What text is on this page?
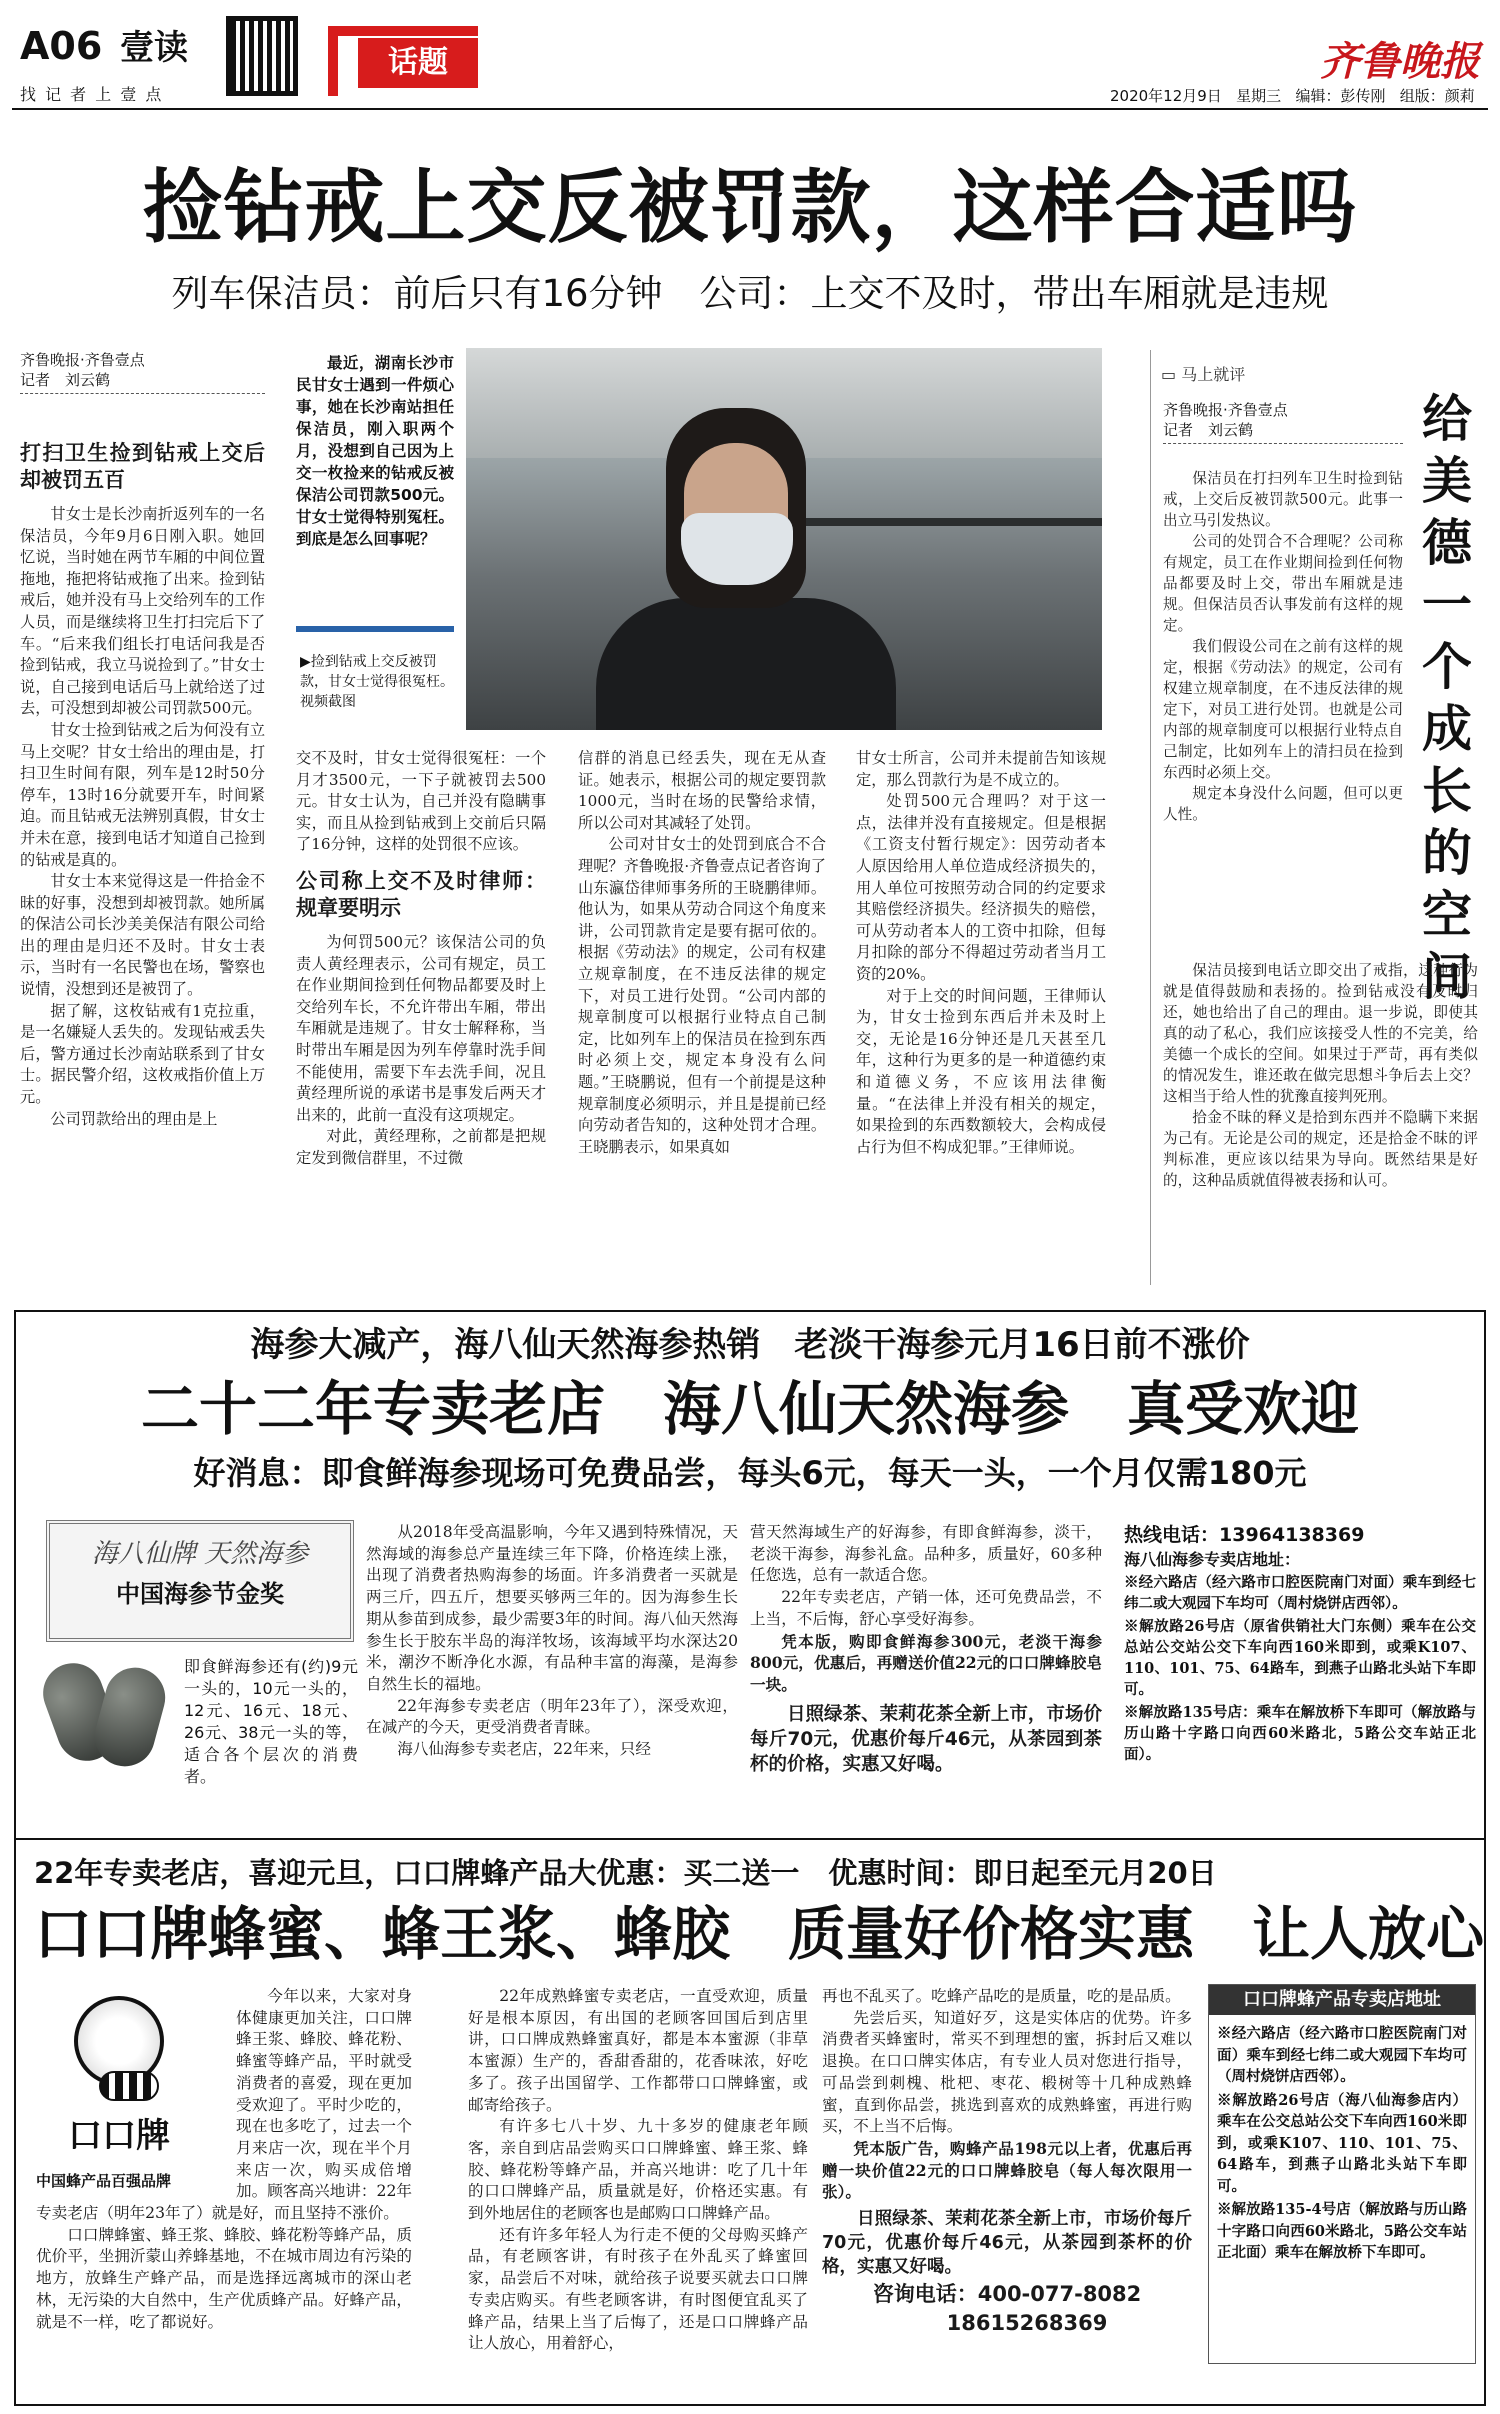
A06 壹读
找 记 者 上 壹 点
话题	齐鲁晚报
2020年12月9日 星期三 编辑：彭传刚 组版：颜莉
捡钻戒上交反被罚款，这样合适吗
列车保洁员：前后只有16分钟　公司：上交不及时，带出车厢就是违规
齐鲁晚报·齐鲁壹点
记者　刘云鹤
打扫卫生捡到钻戒上交后却被罚五百

甘女士是长沙南折返列车的一名保洁员，今年9月6日刚入职。她回忆说，当时她在两节车厢的中间位置拖地，拖把将钻戒拖了出来。捡到钻戒后，她并没有马上交给列车的工作人员，而是继续将卫生打扫完后下了车。“后来我们组长打电话问我是否捡到钻戒，我立马说捡到了。”甘女士说，自己接到电话后马上就给送了过去，可没想到却被公司罚款500元。

甘女士捡到钻戒之后为何没有立马上交呢？甘女士给出的理由是，打扫卫生时间有限，列车是12时50分停车，13时16分就要开车，时间紧迫。而且钻戒无法辨别真假，甘女士并未在意，接到电话才知道自己捡到的钻戒是真的。

甘女士本来觉得这是一件拾金不昧的好事，没想到却被罚款。她所属的保洁公司长沙美美保洁有限公司给出的理由是归还不及时。甘女士表示，当时有一名民警也在场，警察也说情，没想到还是被罚了。

据了解，这枚钻戒有1克拉重，是一名嫌疑人丢失的。发现钻戒丢失后，警方通过长沙南站联系到了甘女士。据民警介绍，这枚戒指价值上万元。

公司罚款给出的理由是上

最近，湖南长沙市民甘女士遇到一件烦心事，她在长沙南站担任保洁员，刚入职两个月，没想到自己因为上交一枚捡来的钻戒反被保洁公司罚款500元。甘女士觉得特别冤枉。到底是怎么回事呢？
▶捡到钻戒上交反被罚款，甘女士觉得很冤枉。视频截图

交不及时，甘女士觉得很冤枉：一个月才3500元，一下子就被罚去500元。甘女士认为，自己并没有隐瞒事实，而且从捡到钻戒到上交前后只隔了16分钟，这样的处罚很不应该。

公司称上交不及时律师：规章要明示

为何罚500元？该保洁公司的负责人黄经理表示，公司有规定，员工在作业期间捡到任何物品都要及时上交给列车长，不允许带出车厢，带出车厢就是违规了。甘女士解释称，当时带出车厢是因为列车停靠时洗手间不能使用，需要下车去洗手间，况且黄经理所说的承诺书是事发后两天才出来的，此前一直没有这项规定。

对此，黄经理称，之前都是把规定发到微信群里，不过微

信群的消息已经丢失，现在无从查证。她表示，根据公司的规定要罚款1000元，当时在场的民警给求情，所以公司对其减轻了处罚。

公司对甘女士的处罚到底合不合理呢？齐鲁晚报·齐鲁壹点记者咨询了山东瀛岱律师事务所的王晓鹏律师。他认为，如果从劳动合同这个角度来讲，公司罚款肯定是要有据可依的。根据《劳动法》的规定，公司有权建立规章制度，在不违反法律的规定下，对员工进行处罚。“公司内部的规章制度可以根据行业特点自己制定，比如列车上的保洁员在捡到东西时必须上交，规定本身没有么问题。”王晓鹏说，但有一个前提是这种规章制度必须明示，并且是提前已经向劳动者告知的，这种处罚才合理。王晓鹏表示，如果真如

甘女士所言，公司并未提前告知该规定，那么罚款行为是不成立的。

处罚500元合理吗？对于这一点，法律并没有直接规定。但是根据《工资支付暂行规定》：因劳动者本人原因给用人单位造成经济损失的，用人单位可按照劳动合同的约定要求其赔偿经济损失。经济损失的赔偿，可从劳动者本人的工资中扣除，但每月扣除的部分不得超过劳动者当月工资的20%。

对于上交的时间问题，王律师认为，甘女士捡到东西后并未及时上交，无论是16分钟还是几天甚至几年，这种行为更多的是一种道德约束和道德义务，不应该用法律衡量。“在法律上并没有相关的规定，如果捡到的东西数额较大，会构成侵占行为但不构成犯罪。”王律师说。

▭ 马上就评
给美德一个成长的空间
齐鲁晚报·齐鲁壹点
记者　刘云鹤

保洁员在打扫列车卫生时捡到钻戒，上交后反被罚款500元。此事一出立马引发热议。

公司的处罚合不合理呢？公司称有规定，员工在作业期间捡到任何物品都要及时上交，带出车厢就是违规。但保洁员否认事发前有这样的规定。

我们假设公司在之前有这样的规定，根据《劳动法》的规定，公司有权建立规章制度，在不违反法律的规定下，对员工进行处罚。也就是公司内部的规章制度可以根据行业特点自己制定，比如列车上的清扫员在捡到东西时必须上交。

规定本身没什么问题，但可以更人性。

保洁员接到电话立即交出了戒指，这种行为就是值得鼓励和表扬的。捡到钻戒没有及时归还，她也给出了自己的理由。退一步说，即使其真的动了私心，我们应该接受人性的不完美，给美德一个成长的空间。如果过于严苛，再有类似的情况发生，谁还敢在做完思想斗争后去上交？这相当于给人性的犹豫直接判死刑。

拾金不昧的释义是拾到东西并不隐瞒下来据为己有。无论是公司的规定，还是拾金不昧的评判标准，更应该以结果为导向。既然结果是好的，这种品质就值得被表扬和认可。

海参大减产，海八仙天然海参热销　老淡干海参元月16日前不涨价
二十二年专卖老店　海八仙天然海参　真受欢迎
好消息：即食鲜海参现场可免费品尝，每头6元，每天一头，一个月仅需180元
海八仙牌 天然海参
中国海参节金奖
即食鲜海参还有(约)9元一头的，10元一头的，12元、16元、18元、26元、38元一头的等，适合各个层次的消费者。

从2018年受高温影响，今年又遇到特殊情况，天然海域的海参总产量连续三年下降，价格连续上涨，出现了消费者热购海参的场面。许多消费者一买就是两三斤，四五斤，想要买够两三年的。因为海参生长期从参苗到成参，最少需要3年的时间。海八仙天然海参生长于胶东半岛的海洋牧场，该海域平均水深达20米，潮汐不断净化水源，有品种丰富的海藻，是海参自然生长的福地。

22年海参专卖老店（明年23年了），深受欢迎，在减产的今天，更受消费者青睐。

海八仙海参专卖老店，22年来，只经

营天然海域生产的好海参，有即食鲜海参，淡干，老淡干海参，海参礼盒。品种多，质量好，60多种任您选，总有一款适合您。

22年专卖老店，产销一体，还可免费品尝，不上当，不后悔，舒心享受好海参。

凭本版，购即食鲜海参300元，老淡干海参800元，优惠后，再赠送价值22元的口口牌蜂胶皂一块。

日照绿茶、茉莉花茶全新上市，市场价每斤70元，优惠价每斤46元，从茶园到茶杯的价格，实惠又好喝。

热线电话：13964138369
海八仙海参专卖店地址：

※经六路店（经六路市口腔医院南门对面）乘车到经七纬二或大观园下车均可（周村烧饼店西邻）。

※解放路26号店（原省供销社大门东侧）乘车在公交总站公交站公交下车向西160米即到，或乘K107、110、101、75、64路车，到燕子山路北头站下车即可。

※解放路135号店：乘车在解放桥下车即可（解放路与历山路十字路口向西60米路北，5路公交车站正北面）。

22年专卖老店，喜迎元旦，口口牌蜂产品大优惠：买二送一　优惠时间：即日起至元月20日
口口牌蜂蜜、蜂王浆、蜂胶　质量好价格实惠　让人放心
口口牌
中国蜂产品百强品牌

今年以来，大家对身体健康更加关注，口口牌蜂王浆、蜂胶、蜂花粉、蜂蜜等蜂产品，平时就受消费者的喜爱，现在更加受欢迎了。平时少吃的，现在也多吃了，过去一个月来店一次，现在半个月来店一次，购买成倍增加。顾客高兴地讲：22年专卖老店（明年23年了）就是好，而且坚持不涨价。

口口牌蜂蜜、蜂王浆、蜂胶、蜂花粉等蜂产品，质优价平，坐拥沂蒙山养蜂基地，不在城市周边有污染的地方，放蜂生产蜂产品，而是选择远离城市的深山老林，无污染的大自然中，生产优质蜂产品。好蜂产品，就是不一样，吃了都说好。

22年成熟蜂蜜专卖老店，一直受欢迎，质量好是根本原因，有出国的老顾客回国后到店里讲，口口牌成熟蜂蜜真好，都是本本蜜源（非草本蜜源）生产的，香甜香甜的，花香味浓，好吃多了。孩子出国留学、工作都带口口牌蜂蜜，或邮寄给孩子。

有许多七八十岁、九十多岁的健康老年顾客，亲自到店品尝购买口口牌蜂蜜、蜂王浆、蜂胶、蜂花粉等蜂产品，并高兴地讲：吃了几十年的口口牌蜂产品，质量就是好，价格还实惠。有到外地居住的老顾客也是邮购口口牌蜂产品。

还有许多年轻人为行走不便的父母购买蜂产品，有老顾客讲，有时孩子在外乱买了蜂蜜回家，品尝后不对味，就给孩子说要买就去口口牌专卖店购买。有些老顾客讲，有时图便宜乱买了蜂产品，结果上当了后悔了，还是口口牌蜂产品让人放心，用着舒心，

再也不乱买了。吃蜂产品吃的是质量，吃的是品质。

先尝后买，知道好歹，这是实体店的优势。许多消费者买蜂蜜时，常买不到理想的蜜，拆封后又难以退换。在口口牌实体店，有专业人员对您进行指导，可品尝到刺槐、枇杷、枣花、椴树等十几种成熟蜂蜜，直到你品尝，挑选到喜欢的成熟蜂蜜，再进行购买，不上当不后悔。

凭本版广告，购蜂产品198元以上者，优惠后再赠一块价值22元的口口牌蜂胶皂（每人每次限用一张）。

日照绿茶、茉莉花茶全新上市，市场价每斤70元，优惠价每斤46元，从茶园到茶杯的价格，实惠又好喝。

咨询电话：400-077-8082
18615268369
口口牌蜂产品专卖店地址

※经六路店（经六路市口腔医院南门对面）乘车到经七纬二或大观园下车均可（周村烧饼店西邻）。

※解放路26号店（海八仙海参店内）乘车在公交总站公交下车向西160米即到，或乘K107、110、101、75、64路车，到燕子山路北头站下车即可。

※解放路135-4号店（解放路与历山路十字路口向西60米路北，5路公交车站正北面）乘车在解放桥下车即可。
